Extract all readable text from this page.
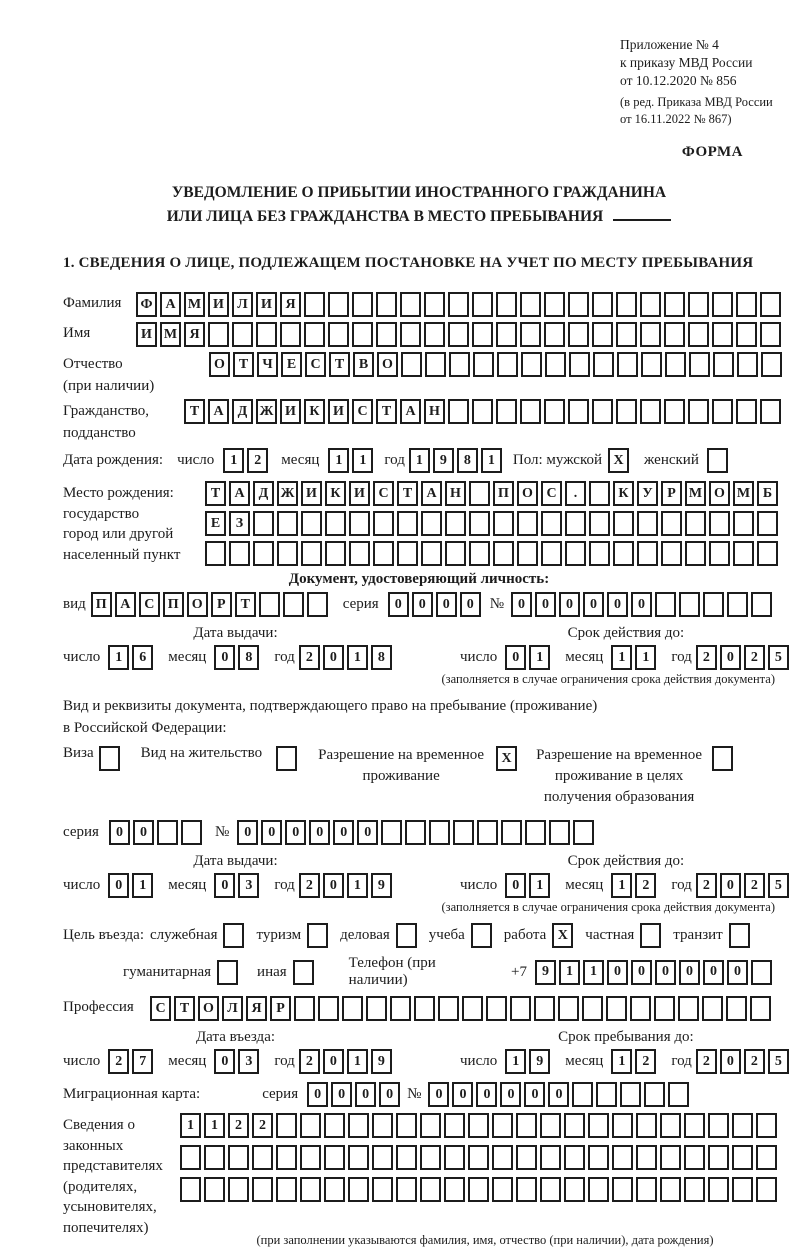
Приложение № 4
к приказу МВД России
от 10.12.2020 № 856
(в ред. Приказа МВД России
от 16.11.2022 № 867)
ФОРМА
УВЕДОМЛЕНИЕ О ПРИБЫТИИ ИНОСТРАННОГО ГРАЖДАНИНА
ИЛИ ЛИЦА БЕЗ ГРАЖДАНСТВА В МЕСТО ПРЕБЫВАНИЯ
1. СВЕДЕНИЯ О ЛИЦЕ, ПОДЛЕЖАЩЕМ ПОСТАНОВКЕ НА УЧЕТ ПО МЕСТУ ПРЕБЫВАНИЯ
Фамилия	Ф А М И Л И Я
Имя	И М Я
Отчество
(при наличии)
О Т	Ч	Е	С	Т	В О
Гражданство,
подданство
Т	А	Д Ж И К И С	Т	А Н
Дата рождения: число	1	2	месяц	1	1	год 1	9	8	1	Пол: мужской X	женский
Место рождения:
государство
город или другой
населенный пункт
Т	А	Д Ж И К И С	Т	А Н	П О С	.	К У	Р М О М Б
Е	З
Документ, удостоверяющий личность:
вид П А С П О	Р	Т	серия	0	0	0	0	№	0	0	0	0	0	0
Дата выдачи:
число	1	6	месяц	0	8	год 2	0	1	8
Срок действия до:
число	0	1	месяц	1	1	год 2	0	2	5
(заполняется в случае ограничения срока действия документа)
Вид и реквизиты документа, подтверждающего право на пребывание (проживание)
в Российской Федерации:
Виза	Вид на жительство	Разрешение на временное
проживание
X	Разрешение на временное
проживание в целях
получения образования
серия	0	0	№	0	0	0	0	0	0
Дата выдачи:
число	0	1	месяц	0	3	год 2	0	1	9
Срок действия до:
число	0	1	месяц	1	2	год 2	0	2	5
(заполняется в случае ограничения срока действия документа)
Цель въезда: служебная	туризм	деловая	учеба	работа X	частная	транзит
гуманитарная	иная
Телефон (при наличии)
+7	9	1	1	0	0	0	0	0	0
Профессия	С	Т О Л Я	Р
Дата въезда:
число	2	7	месяц	0	3	год 2	0	1	9
Срок пребывания до:
число	1	9	месяц	1	2	год 2	0	2	5
Миграционная карта:	серия	0	0	0	0 №	0	0	0	0	0	0
Сведения о
законных
представителях
(родителях,
усыновителях,
попечителях)
1	1	2	2
(при заполнении указываются фамилия, имя, отчество (при наличии), дата рождения)
